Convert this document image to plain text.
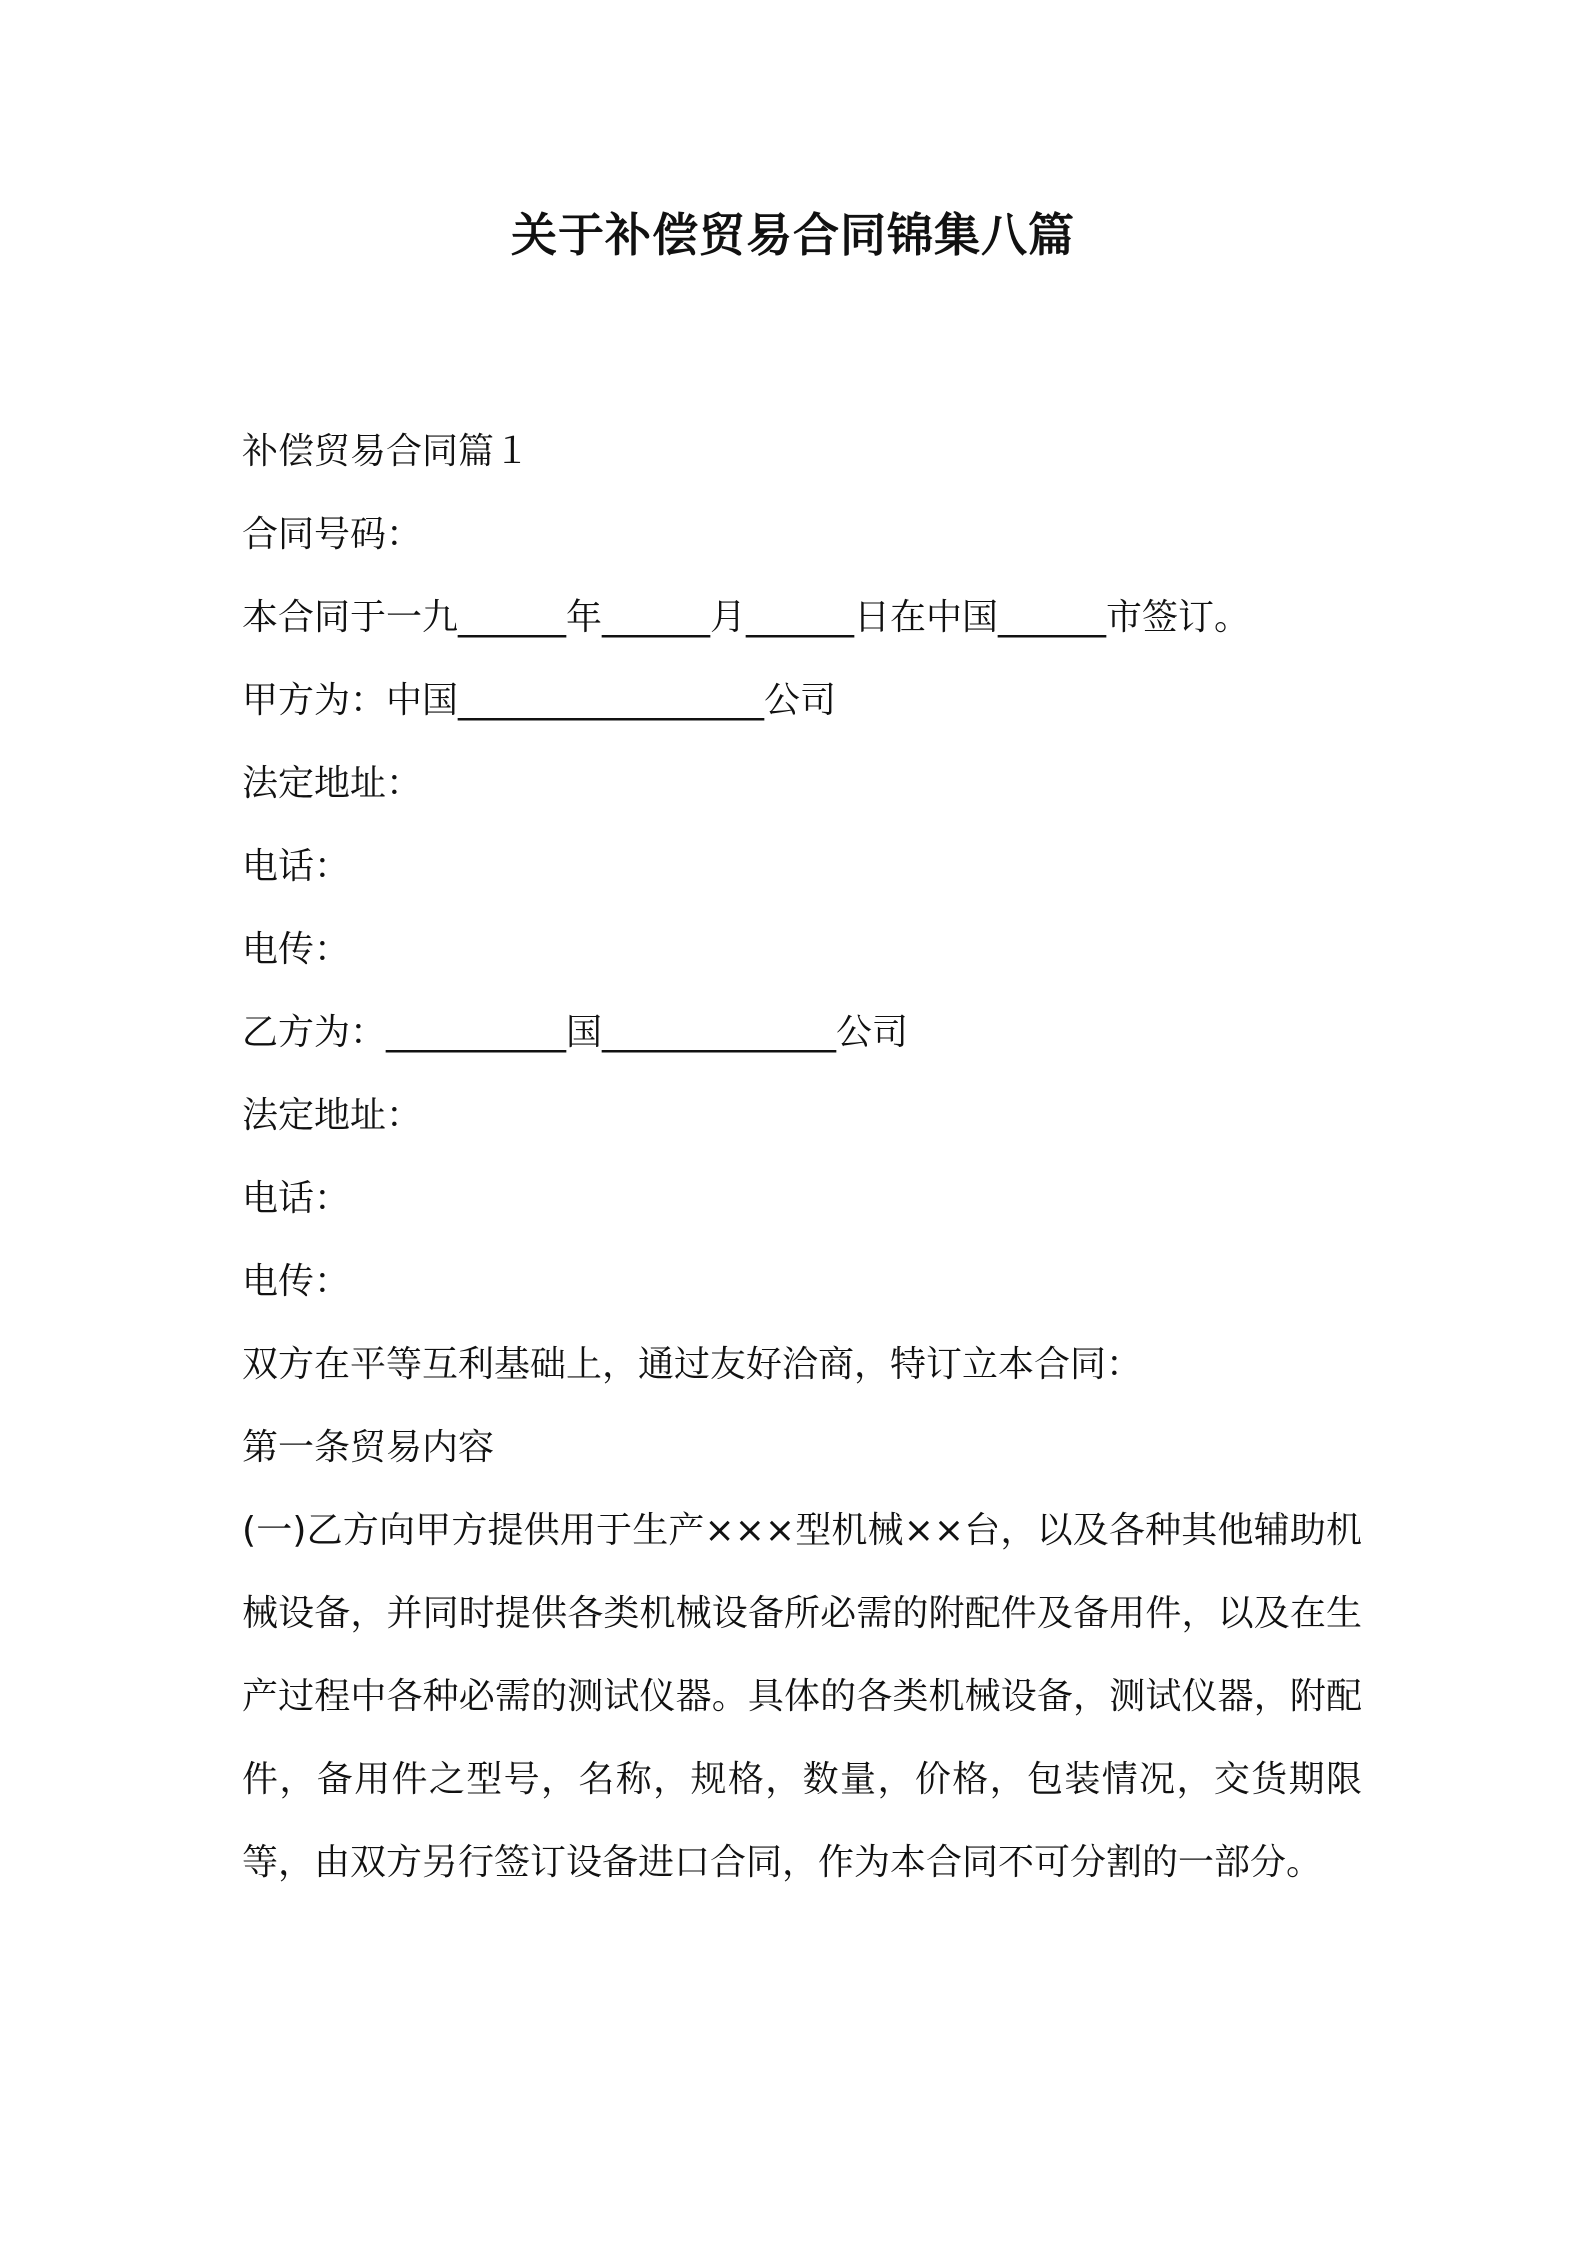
关于补偿贸易合同锦集八篇

补偿贸易合同篇１

合同号码：

本合同于一九______年______月______日在中国______市签订。

甲方为：中国_________________公司

法定地址：

电话：

电传：

乙方为：__________国_____________公司

法定地址：

电话：

电传：

双方在平等互利基础上，通过友好洽商，特订立本合同：

第一条贸易内容

(一)乙方向甲方提供用于生产×××型机械××台，以及各种其他辅助机械设备，并同时提供各类机械设备所必需的附配件及备用件，以及在生产过程中各种必需的测试仪器。具体的各类机械设备，测试仪器，附配件，备用件之型号，名称，规格，数量，价格，包装情况，交货期限等，由双方另行签订设备进口合同，作为本合同不可分割的一部分。
